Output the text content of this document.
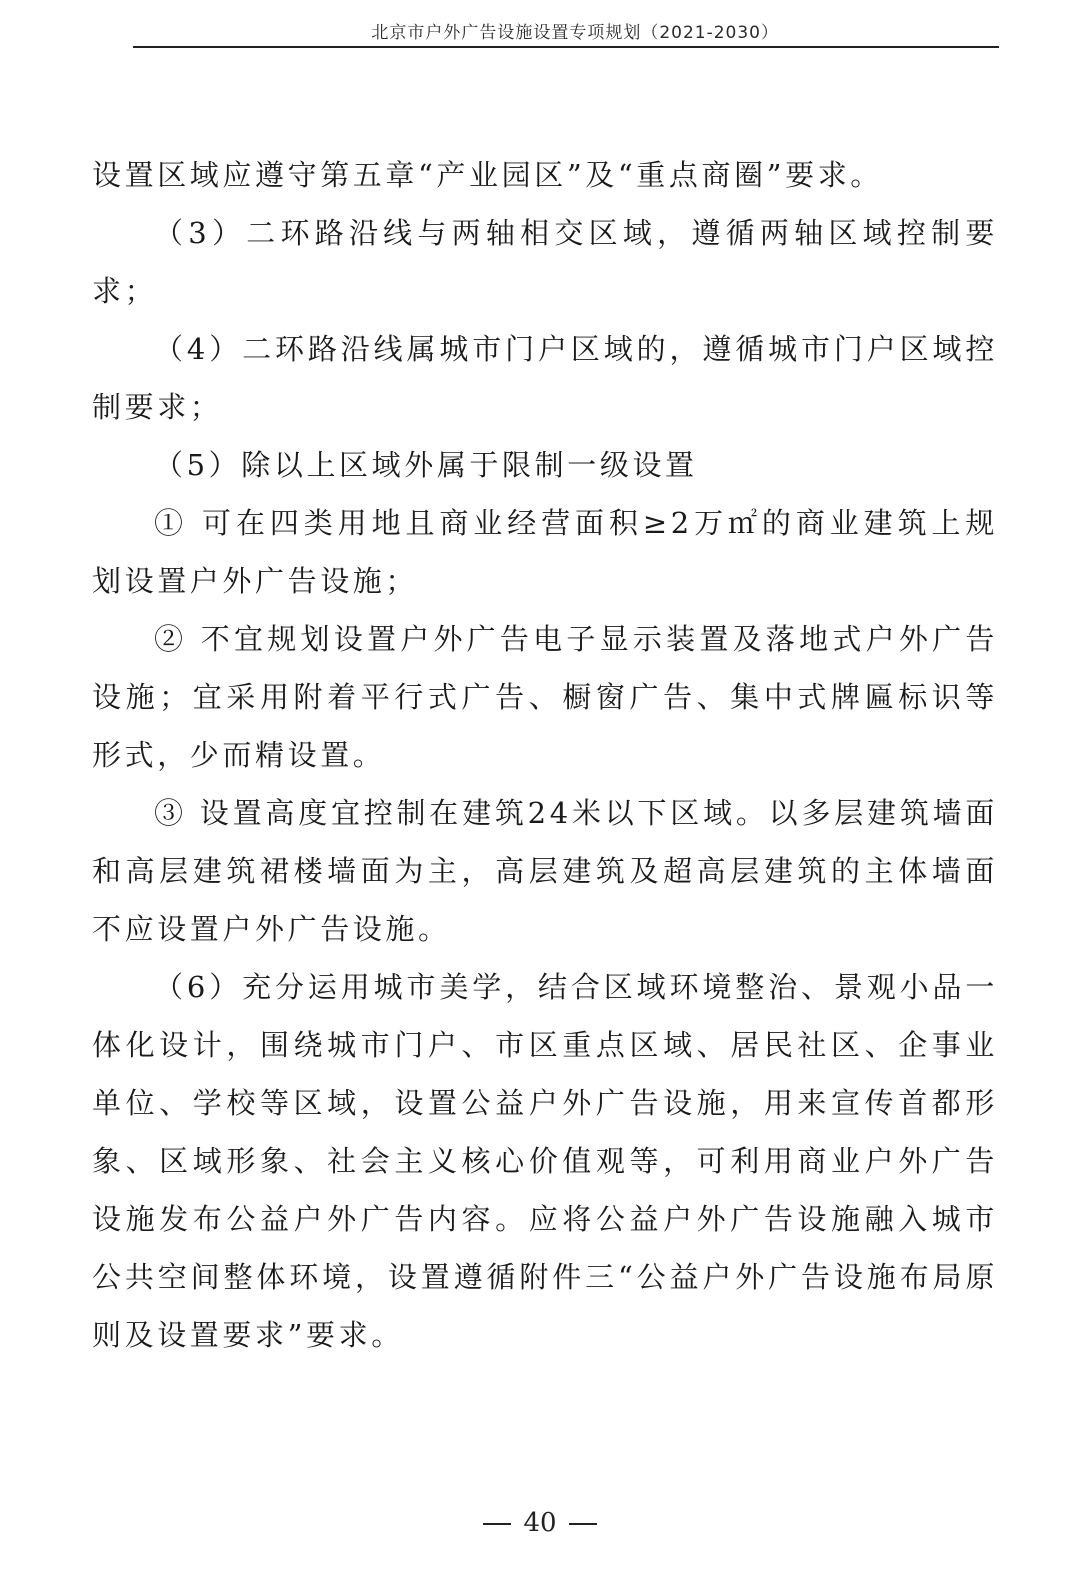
北京市户外广告设施设置专项规划（2021-2030）

设置区域应遵守第五章“产业园区”及“重点商圈”要求。

（3）二环路沿线与两轴相交区域，遵循两轴区域控制要求；

（4）二环路沿线属城市门户区域的，遵循城市门户区域控制要求；

（5）除以上区域外属于限制一级设置

① 可在四类用地且商业经营面积≥2万㎡的商业建筑上规划设置户外广告设施；

② 不宜规划设置户外广告电子显示装置及落地式户外广告设施；宜采用附着平行式广告、橱窗广告、集中式牌匾标识等形式，少而精设置。

③ 设置高度宜控制在建筑24米以下区域。以多层建筑墙面和高层建筑裙楼墙面为主，高层建筑及超高层建筑的主体墙面不应设置户外广告设施。

（6）充分运用城市美学，结合区域环境整治、景观小品一体化设计，围绕城市门户、市区重点区域、居民社区、企事业单位、学校等区域，设置公益户外广告设施，用来宣传首都形象、区域形象、社会主义核心价值观等，可利用商业户外广告设施发布公益户外广告内容。应将公益户外广告设施融入城市公共空间整体环境，设置遵循附件三“公益户外广告设施布局原则及设置要求”要求。

40
